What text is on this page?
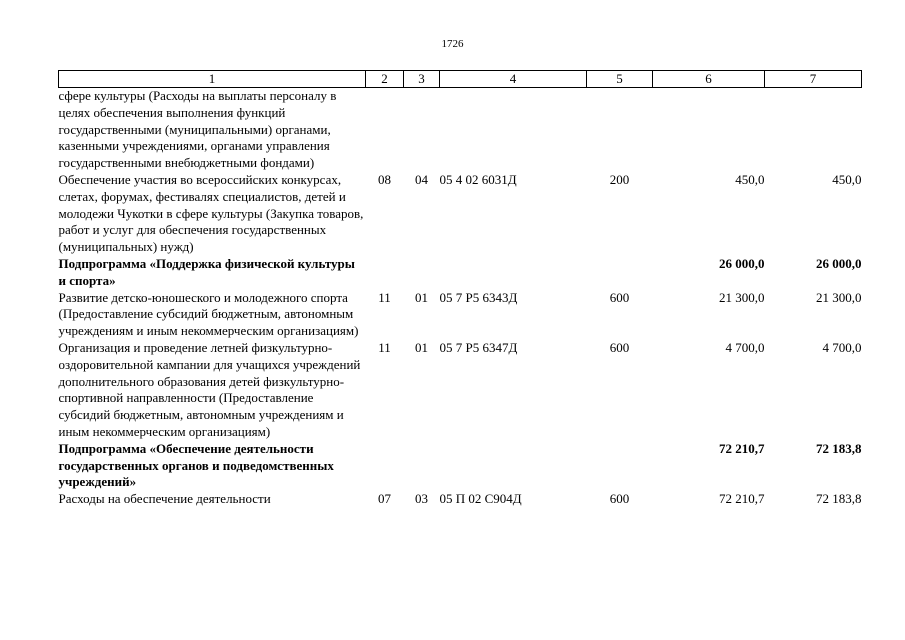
1726
1	2	3	4	5	6	7
сфере культуры (Расходы на выплаты персоналу в целях обеспечения выполнения функций государственными (муниципальными) органами, казенными учреждениями, органами управления государственными внебюджетными фондами)						
Обеспечение участия во всероссийских конкурсах, слетах, форумах, фестивалях специалистов, детей и молодежи Чукотки в сфере культуры (Закупка товаров, работ и услуг для обеспечения государственных (муниципальных) нужд)	08	04	05 4 02 6031Д	200	450,0	450,0
Подпрограмма «Поддержка физической культуры и спорта»					26 000,0	26 000,0
Развитие детско-юношеского и молодежного спорта (Предоставление субсидий бюджетным, автономным учреждениям и иным некоммерческим организациям)	11	01	05 7 P5 6343Д	600	21 300,0	21 300,0
Организация и проведение летней физкультурно-оздоровительной кампании для учащихся учреждений дополнительного образования детей физкультурно-спортивной направленности (Предоставление субсидий бюджетным, автономным учреждениям и иным некоммерческим организациям)	11	01	05 7 P5 6347Д	600	4 700,0	4 700,0
Подпрограмма «Обеспечение деятельности государственных органов и подведомственных учреждений»					72 210,7	72 183,8
Расходы на обеспечение деятельности	07	03	05 П 02 С904Д	600	72 210,7	72 183,8
